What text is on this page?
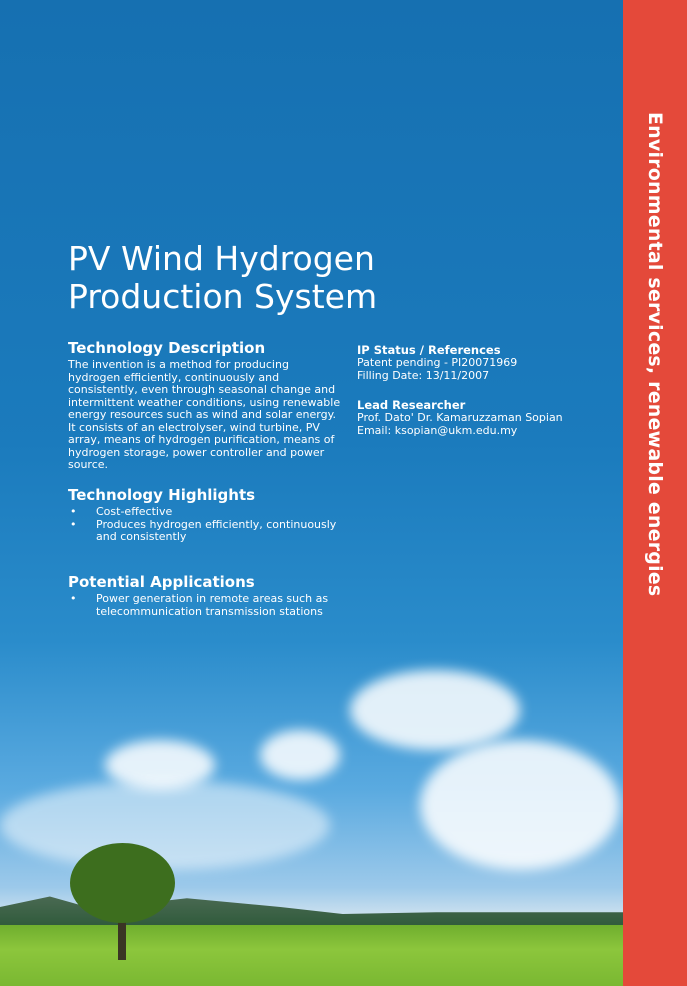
Environmental services, renewable energies
PV Wind Hydrogen
Production System
Technology Description

The invention is a method for producing hydrogen efficiently, continuously and consistently, even through seasonal change and intermittent weather conditions, using renewable energy resources such as wind and solar energy. It consists of an electrolyser, wind turbine, PV array, means of hydrogen purification, means of hydrogen storage, power controller and power source.

Technology Highlights
• Cost-effective
• Produces hydrogen efficiently, continuously and consistently
Potential Applications
• Power generation in remote areas such as telecommunication transmission stations
IP Status / References

Patent pending - PI20071969

Filling Date: 13/11/2007

Lead Researcher

Prof. Dato' Dr. Kamaruzzaman Sopian

Email: ksopian@ukm.edu.my
